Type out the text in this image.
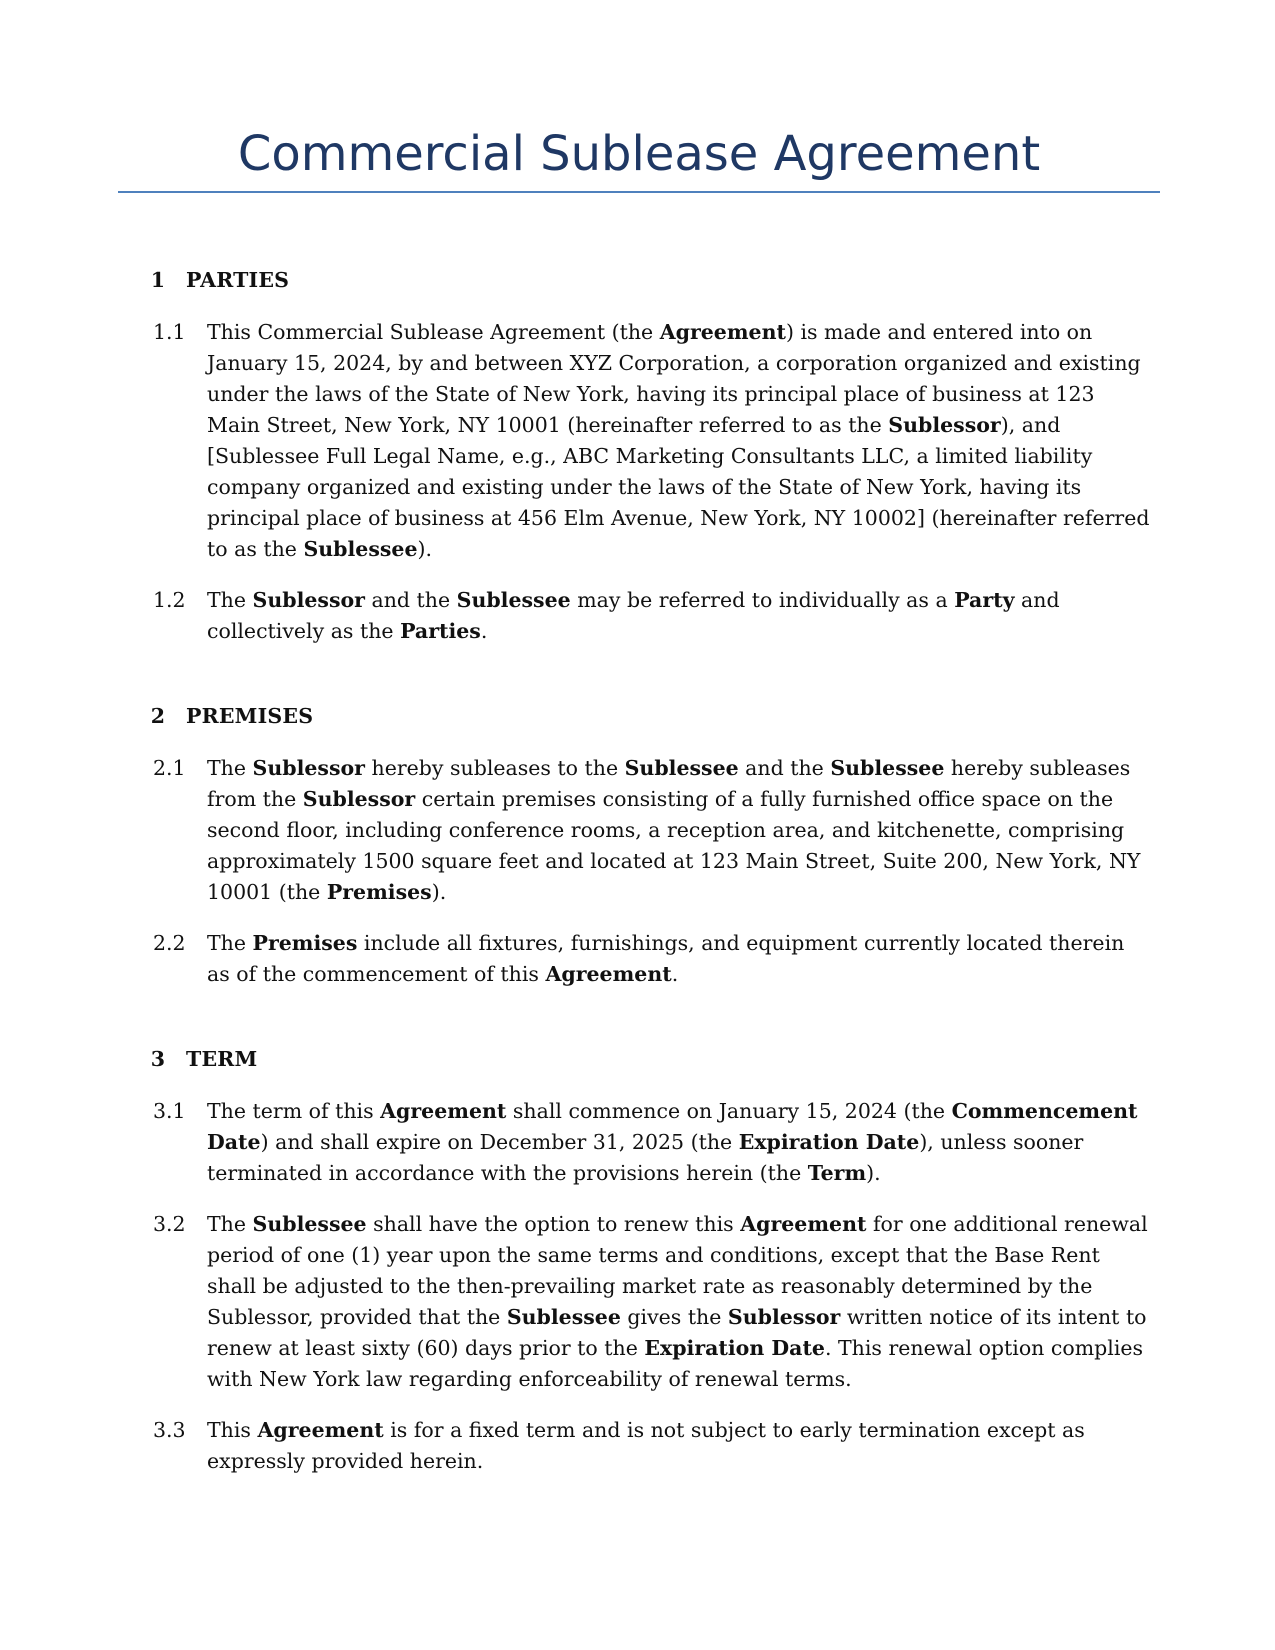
Commercial Sublease Agreement
1	PARTIES
1.1	This Commercial Sublease Agreement (the Agreement) is made and entered into on January 15, 2024, by and between XYZ Corporation, a corporation organized and existing under the laws of the State of New York, having its principal place of business at 123 Main Street, New York, NY 10001 (hereinafter referred to as the Sublessor), and [Sublessee Full Legal Name, e.g., ABC Marketing Consultants LLC, a limited liability company organized and existing under the laws of the State of New York, having its principal place of business at 456 Elm Avenue, New York, NY 10002] (hereinafter referred to as the Sublessee).
1.2	The Sublessor and the Sublessee may be referred to individually as a Party and collectively as the Parties.
2	PREMISES
2.1	The Sublessor hereby subleases to the Sublessee and the Sublessee hereby subleases from the Sublessor certain premises consisting of a fully furnished office space on the second floor, including conference rooms, a reception area, and kitchenette, comprising approximately 1500 square feet and located at 123 Main Street, Suite 200, New York, NY 10001 (the Premises).
2.2	The Premises include all fixtures, furnishings, and equipment currently located therein as of the commencement of this Agreement.
3	TERM
3.1	The term of this Agreement shall commence on January 15, 2024 (the Commencement Date) and shall expire on December 31, 2025 (the Expiration Date), unless sooner terminated in accordance with the provisions herein (the Term).
3.2	The Sublessee shall have the option to renew this Agreement for one additional renewal period of one (1) year upon the same terms and conditions, except that the Base Rent shall be adjusted to the then-prevailing market rate as reasonably determined by the Sublessor, provided that the Sublessee gives the Sublessor written notice of its intent to renew at least sixty (60) days prior to the Expiration Date. This renewal option complies with New York law regarding enforceability of renewal terms.
3.3	This Agreement is for a fixed term and is not subject to early termination except as expressly provided herein.
